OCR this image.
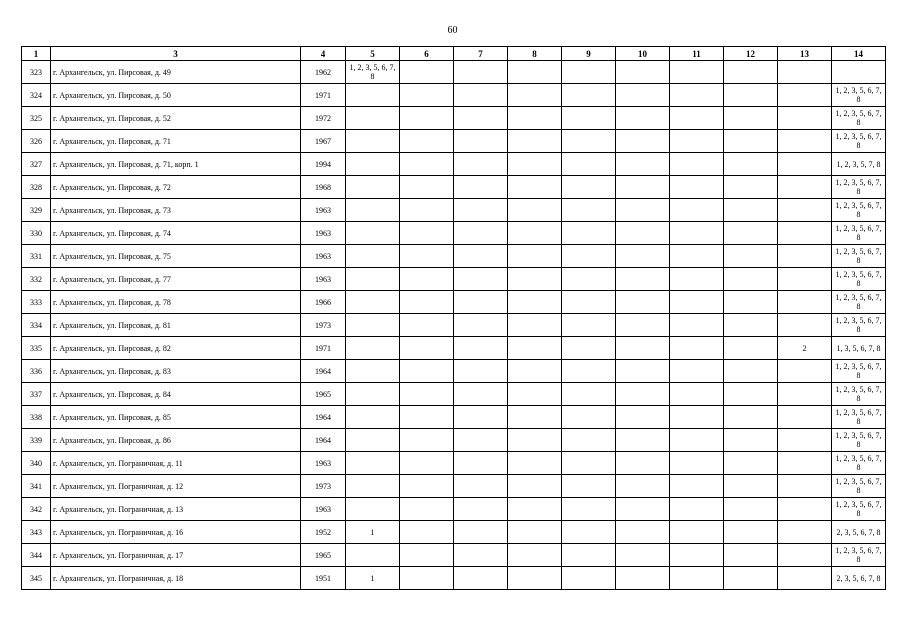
60
1	3	4	5	6	7	8	9	10	11	12	13	14
323	г. Архангельск, ул. Пирсовая, д. 49	1962	1, 2, 3, 5, 6, 7, 8									
324	г. Архангельск, ул. Пирсовая, д. 50	1971										1, 2, 3, 5, 6, 7, 8
325	г. Архангельск, ул. Пирсовая, д. 52	1972										1, 2, 3, 5, 6, 7, 8
326	г. Архангельск, ул. Пирсовая, д. 71	1967										1, 2, 3, 5, 6, 7, 8
327	г. Архангельск, ул. Пирсовая, д. 71, корп. 1	1994										1, 2, 3, 5, 7, 8
328	г. Архангельск, ул. Пирсовая, д. 72	1968										1, 2, 3, 5, 6, 7, 8
329	г. Архангельск, ул. Пирсовая, д. 73	1963										1, 2, 3, 5, 6, 7, 8
330	г. Архангельск, ул. Пирсовая, д. 74	1963										1, 2, 3, 5, 6, 7, 8
331	г. Архангельск, ул. Пирсовая, д. 75	1963										1, 2, 3, 5, 6, 7, 8
332	г. Архангельск, ул. Пирсовая, д. 77	1963										1, 2, 3, 5, 6, 7, 8
333	г. Архангельск, ул. Пирсовая, д. 78	1966										1, 2, 3, 5, 6, 7, 8
334	г. Архангельск, ул. Пирсовая, д. 81	1973										1, 2, 3, 5, 6, 7, 8
335	г. Архангельск, ул. Пирсовая, д. 82	1971									2	1, 3, 5, 6, 7, 8
336	г. Архангельск, ул. Пирсовая, д. 83	1964										1, 2, 3, 5, 6, 7, 8
337	г. Архангельск, ул. Пирсовая, д. 84	1965										1, 2, 3, 5, 6, 7, 8
338	г. Архангельск, ул. Пирсовая, д. 85	1964										1, 2, 3, 5, 6, 7, 8
339	г. Архангельск, ул. Пирсовая, д. 86	1964										1, 2, 3, 5, 6, 7, 8
340	г. Архангельск, ул. Пограничная, д. 11	1963										1, 2, 3, 5, 6, 7, 8
341	г. Архангельск, ул. Пограничная, д. 12	1973										1, 2, 3, 5, 6, 7, 8
342	г. Архангельск, ул. Пограничная, д. 13	1963										1, 2, 3, 5, 6, 7, 8
343	г. Архангельск, ул. Пограничная, д. 16	1952	1									2, 3, 5, 6, 7, 8
344	г. Архангельск, ул. Пограничная, д. 17	1965										1, 2, 3, 5, 6, 7, 8
345	г. Архангельск, ул. Пограничная, д. 18	1951	1									2, 3, 5, 6, 7, 8
